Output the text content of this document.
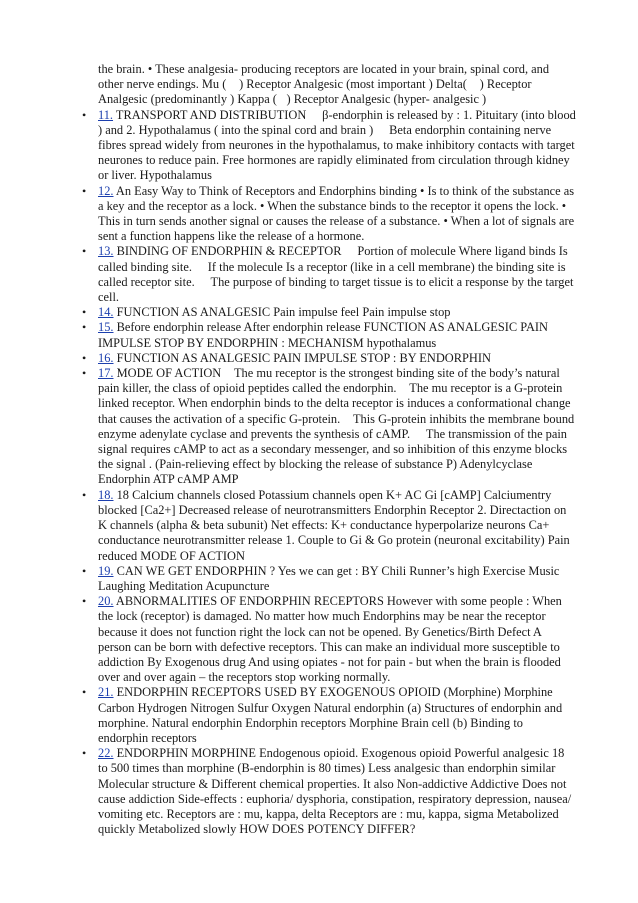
the brain. • These analgesia- producing receptors are located in your brain, spinal cord, and other nerve endings. Mu ( ) Receptor Analgesic (most important ) Delta( ) Receptor Analgesic (predominantly ) Kappa ( ) Receptor Analgesic (hyper- analgesic )

• 11. TRANSPORT AND DISTRIBUTION β-endorphin is released by : 1. Pituitary (into blood ) and 2. Hypothalamus ( into the spinal cord and brain ) Beta endorphin containing nerve fibres spread widely from neurones in the hypothalamus, to make inhibitory contacts with target neurones to reduce pain. Free hormones are rapidly eliminated from circulation through kidney or liver. Hypothalamus
• 12. An Easy Way to Think of Receptors and Endorphins binding • Is to think of the substance as a key and the receptor as a lock. • When the substance binds to the receptor it opens the lock. • This in turn sends another signal or causes the release of a substance. • When a lot of signals are sent a function happens like the release of a hormone.
• 13. BINDING OF ENDORPHIN & RECEPTOR Portion of molecule Where ligand binds Is called binding site. If the molecule Is a receptor (like in a cell membrane) the binding site is called receptor site. The purpose of binding to target tissue is to elicit a response by the target cell.
• 14. FUNCTION AS ANALGESIC Pain impulse feel Pain impulse stop
• 15. Before endorphin release After endorphin release FUNCTION AS ANALGESIC PAIN IMPULSE STOP BY ENDORPHIN : MECHANISM hypothalamus
• 16. FUNCTION AS ANALGESIC PAIN IMPULSE STOP : BY ENDORPHIN
• 17. MODE OF ACTION The mu receptor is the strongest binding site of the body’s natural pain killer, the class of opioid peptides called the endorphin. The mu receptor is a G-protein linked receptor. When endorphin binds to the delta receptor is induces a conformational change that causes the activation of a specific G-protein. This G-protein inhibits the membrane bound enzyme adenylate cyclase and prevents the synthesis of cAMP. The transmission of the pain signal requires cAMP to act as a secondary messenger, and so inhibition of this enzyme blocks the signal . (Pain-relieving effect by blocking the release of substance P) Adenylcyclase Endorphin ATP cAMP AMP
• 18. 18 Calcium channels closed Potassium channels open K+ AC Gi [cAMP] Calciumentry blocked [Ca2+] Decreased release of neurotransmitters Endorphin Receptor 2. Directaction on K channels (alpha & beta subunit) Net effects: K+ conductance hyperpolarize neurons Ca+ conductance neurotransmitter release 1. Couple to Gi & Go protein (neuronal excitability) Pain reduced MODE OF ACTION
• 19. CAN WE GET ENDORPHIN ? Yes we can get : BY Chili Runner’s high Exercise Music Laughing Meditation Acupuncture
• 20. ABNORMALITIES OF ENDORPHIN RECEPTORS However with some people : When the lock (receptor) is damaged. No matter how much Endorphins may be near the receptor because it does not function right the lock can not be opened. By Genetics/Birth Defect A person can be born with defective receptors. This can make an individual more susceptible to addiction By Exogenous drug And using opiates - not for pain - but when the brain is flooded over and over again – the receptors stop working normally.
• 21. ENDORPHIN RECEPTORS USED BY EXOGENOUS OPIOID (Morphine) Morphine Carbon Hydrogen Nitrogen Sulfur Oxygen Natural endorphin (a) Structures of endorphin and morphine. Natural endorphin Endorphin receptors Morphine Brain cell (b) Binding to endorphin receptors
• 22. ENDORPHIN MORPHINE Endogenous opioid. Exogenous opioid Powerful analgesic 18 to 500 times than morphine (B-endorphin is 80 times) Less analgesic than endorphin similar Molecular structure & Different chemical properties. It also Non-addictive Addictive Does not cause addiction Side-effects : euphoria/ dysphoria, constipation, respiratory depression, nausea/ vomiting etc. Receptors are : mu, kappa, delta Receptors are : mu, kappa, sigma Metabolized quickly Metabolized slowly HOW DOES POTENCY DIFFER?
